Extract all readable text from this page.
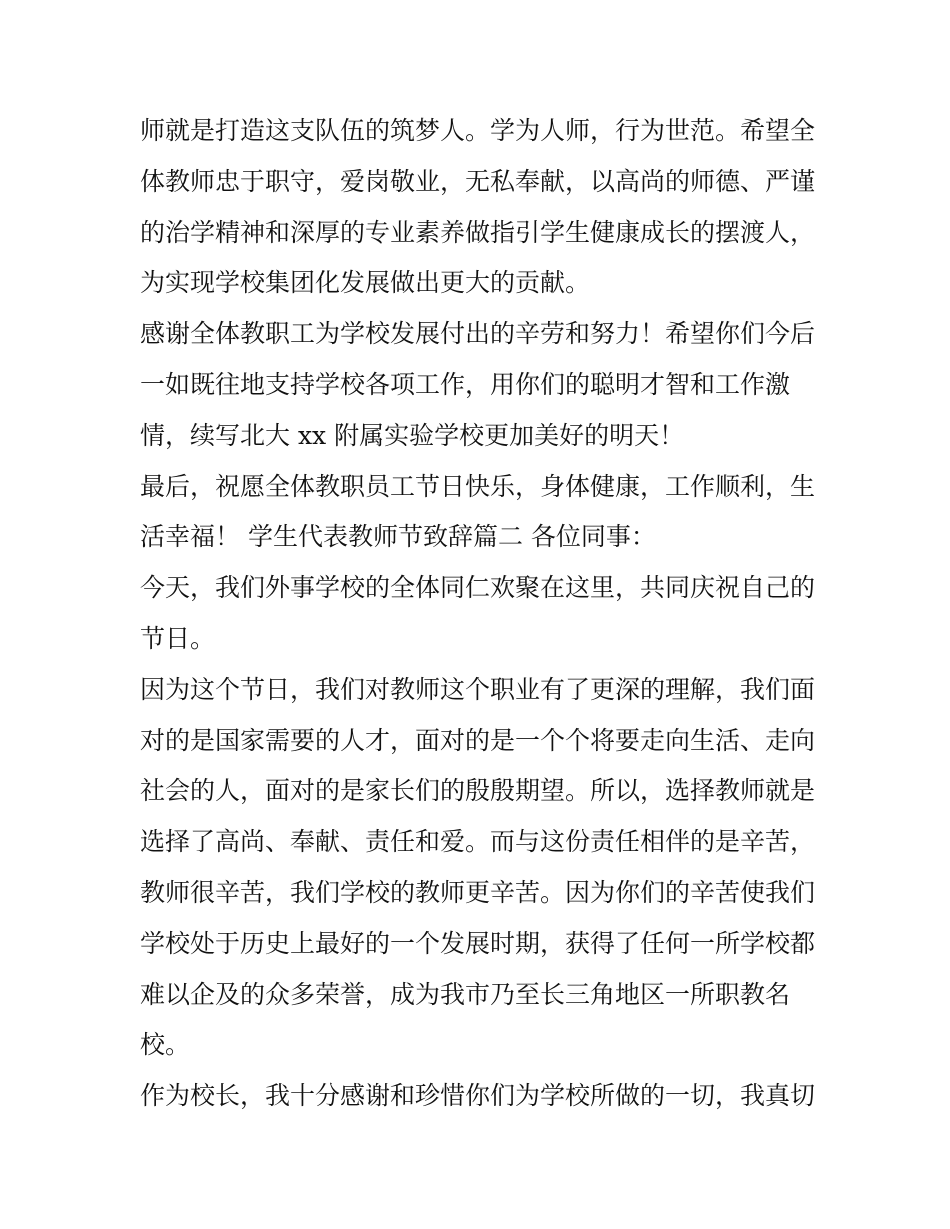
师就是打造这支队伍的筑梦人。学为人师，行为世范。希望全
体教师忠于职守，爱岗敬业，无私奉献，以高尚的师德、严谨
的治学精神和深厚的专业素养做指引学生健康成长的摆渡人，
为实现学校集团化发展做出更大的贡献。
感谢全体教职工为学校发展付出的辛劳和努力！希望你们今后
一如既往地支持学校各项工作，用你们的聪明才智和工作激
情，续写北大 xx 附属实验学校更加美好的明天！
最后，祝愿全体教职员工节日快乐，身体健康，工作顺利，生
活幸福！ 学生代表教师节致辞篇二 各位同事：
今天，我们外事学校的全体同仁欢聚在这里，共同庆祝自己的
节日。
因为这个节日，我们对教师这个职业有了更深的理解，我们面
对的是国家需要的人才，面对的是一个个将要走向生活、走向
社会的人，面对的是家长们的殷殷期望。所以，选择教师就是
选择了高尚、奉献、责任和爱。而与这份责任相伴的是辛苦，
教师很辛苦，我们学校的教师更辛苦。因为你们的辛苦使我们
学校处于历史上最好的一个发展时期，获得了任何一所学校都
难以企及的众多荣誉，成为我市乃至长三角地区一所职教名
校。
作为校长，我十分感谢和珍惜你们为学校所做的一切，我真切
